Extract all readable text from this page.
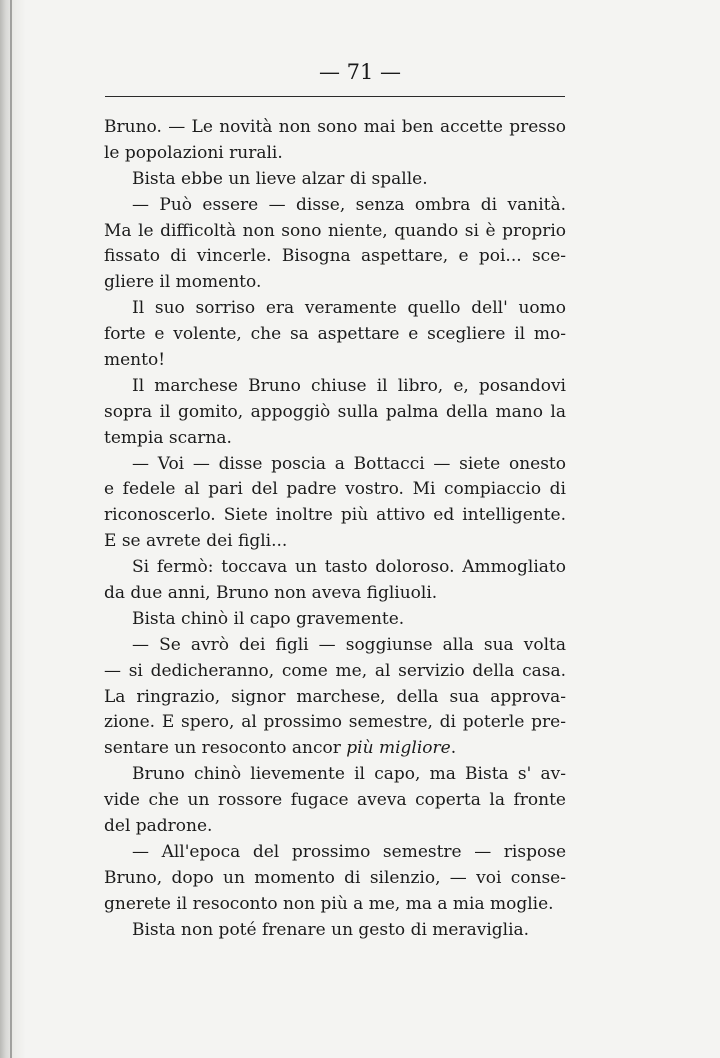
— 71 —

Bruno. — Le novità non sono mai ben accette presso
le popolazioni rurali.
Bista ebbe un lieve alzar di spalle.
— Può essere — disse, senza ombra di vanità.
Ma le difficoltà non sono niente, quando si è proprio
fissato di vincerle. Bisogna aspettare, e poi... sce-
gliere il momento.
Il suo sorriso era veramente quello dell' uomo
forte e volente, che sa aspettare e scegliere il mo-
mento!
Il marchese Bruno chiuse il libro, e, posandovi
sopra il gomito, appoggiò sulla palma della mano la
tempia scarna.
— Voi — disse poscia a Bottacci — siete onesto
e fedele al pari del padre vostro. Mi compiaccio di
riconoscerlo. Siete inoltre più attivo ed intelligente.
E se avrete dei figli...
Si fermò: toccava un tasto doloroso. Ammogliato
da due anni, Bruno non aveva figliuoli.
Bista chinò il capo gravemente.
— Se avrò dei figli — soggiunse alla sua volta
— si dedicheranno, come me, al servizio della casa.
La ringrazio, signor marchese, della sua approva-
zione. E spero, al prossimo semestre, di poterle pre-
sentare un resoconto ancor più migliore.
Bruno chinò lievemente il capo, ma Bista s' av-
vide che un rossore fugace aveva coperta la fronte
del padrone.
— All'epoca del prossimo semestre — rispose
Bruno, dopo un momento di silenzio, — voi conse-
gnerete il resoconto non più a me, ma a mia moglie.
Bista non poté frenare un gesto di meraviglia.
